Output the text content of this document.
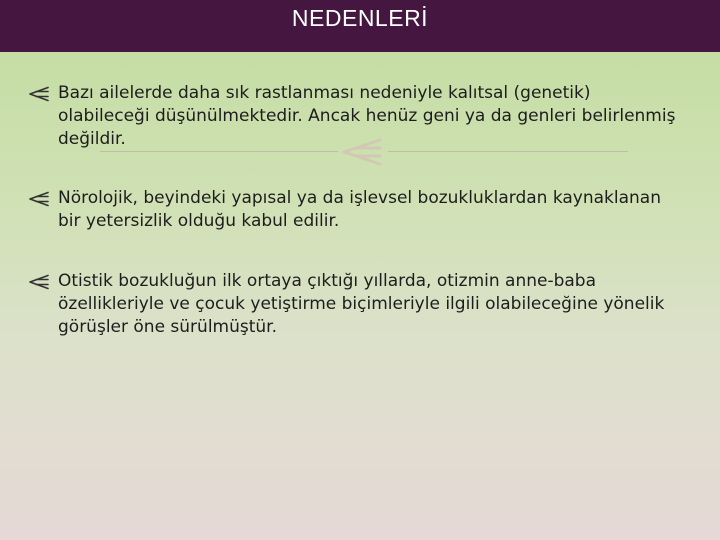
NEDENLERİ
Bazı ailelerde daha sık rastlanması nedeniyle kalıtsal (genetik) olabileceği düşünülmektedir. Ancak henüz geni ya da genleri belirlenmiş değildir.
Nörolojik, beyindeki yapısal ya da işlevsel bozukluklardan kaynaklanan bir yetersizlik olduğu kabul edilir.
Otistik bozukluğun ilk ortaya çıktığı yıllarda, otizmin anne-baba özellikleriyle ve çocuk yetiştirme biçimleriyle ilgili olabileceğine yönelik görüşler öne sürülmüştür.
